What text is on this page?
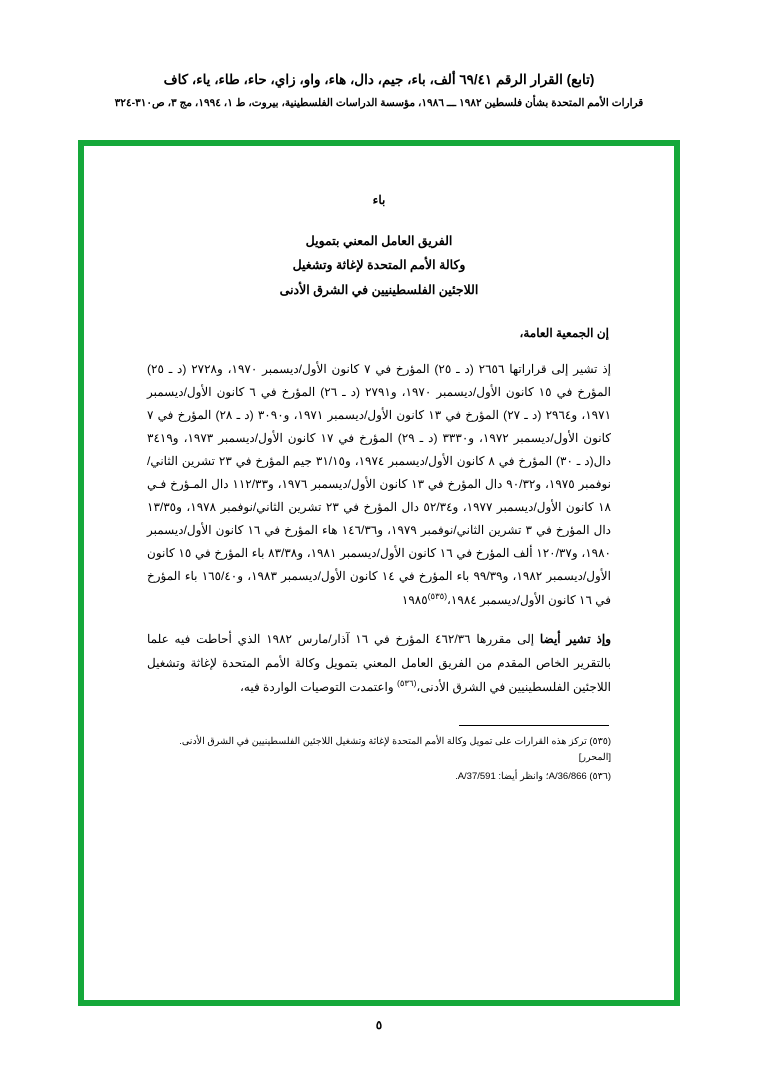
(تابع) القرار الرقم ٦٩/٤١ ألف، باء، جيم، دال، هاء، واو، زاي، حاء، طاء، ياء، كاف
قرارات الأمم المتحدة بشأن فلسطين ١٩٨٢ ـــ ١٩٨٦، مؤسسة الدراسات الفلسطينية، بيروت، ط ١، ١٩٩٤، مج ٣، ص٣١٠-٣٢٤
باء
الفريق العامل المعني بتمويل
وكالة الأمم المتحدة لإغاثة وتشغيل
اللاجئين الفلسطينيين في الشرق الأدنى
إن الجمعية العامة،
إذ تشير إلى قراراتها ٢٦٥٦ (د ـ ٢٥) المؤرخ في ٧ كانون الأول/ديسمبر ١٩٧٠، و٢٧٢٨ (د ـ ٢٥) المؤرخ في ١٥ كانون الأول/ديسمبر ١٩٧٠، و٢٧٩١ (د ـ ٢٦) المؤرخ في ٦ كانون الأول/ديسمبر ١٩٧١، و٢٩٦٤ (د ـ ٢٧) المؤرخ في ١٣ كانون الأول/ديسمبر ١٩٧١، و٣٠٩٠ (د ـ ٢٨) المؤرخ في ٧ كانون الأول/ديسمبر ١٩٧٢، و٣٣٣٠ (د ـ ٢٩) المؤرخ في ١٧ كانون الأول/ديسمبر ١٩٧٣، و٣٤١٩ دال(د ـ ٣٠) المؤرخ في ٨ كانون الأول/ديسمبر ١٩٧٤، و٣١/١٥ جيم المؤرخ في ٢٣ تشرين الثاني/نوفمبر ١٩٧٥، و٩٠/٣٢ دال المؤرخ في ١٣ كانون الأول/ديسمبر ١٩٧٦، و١١٢/٣٣ دال المـؤرخ فـي ١٨ كانون الأول/ديسمبر ١٩٧٧، و٥٢/٣٤ دال المؤرخ في ٢٣ تشرين الثاني/نوفمبر ١٩٧٨، و١٣/٣٥ دال المؤرخ في ٣ تشرين الثاني/نوفمبر ١٩٧٩، و١٤٦/٣٦ هاء المؤرخ في ١٦ كانون الأول/ديسمبر ١٩٨٠، و١٢٠/٣٧ ألف المؤرخ في ١٦ كانون الأول/ديسمبر ١٩٨١، و٨٣/٣٨ باء المؤرخ في ١٥ كانون الأول/ديسمبر ١٩٨٢، و٩٩/٣٩ باء المؤرخ في ١٤ كانون الأول/ديسمبر ١٩٨٣، و١٦٥/٤٠ باء المؤرخ في ١٦ كانون الأول/ديسمبر ١٩٨٤،$^{(٥٣٥)}$١٩٨٥
وإذ تشير أيضا إلى مقررها ٤٦٢/٣٦ المؤرخ في ١٦ آذار/مارس ١٩٨٢ الذي أحاطت فيه علما بالتقرير الخاص المقدم من الفريق العامل المعني بتمويل وكالة الأمم المتحدة لإغاثة وتشغيل اللاجئين الفلسطينيين في الشرق الأدنى،$^{(٥٣٦)}$ واعتمدت التوصيات الواردة فيه،
(٥٣٥) تركز هذه القرارات على تمويل وكالة الأمم المتحدة لإغاثة وتشغيل اللاجئين الفلسطينيين في الشرق الأدنى. [المحرر]
(٥٣٦) A/36/866؛ وانظر أيضا: A/37/591.
٥
